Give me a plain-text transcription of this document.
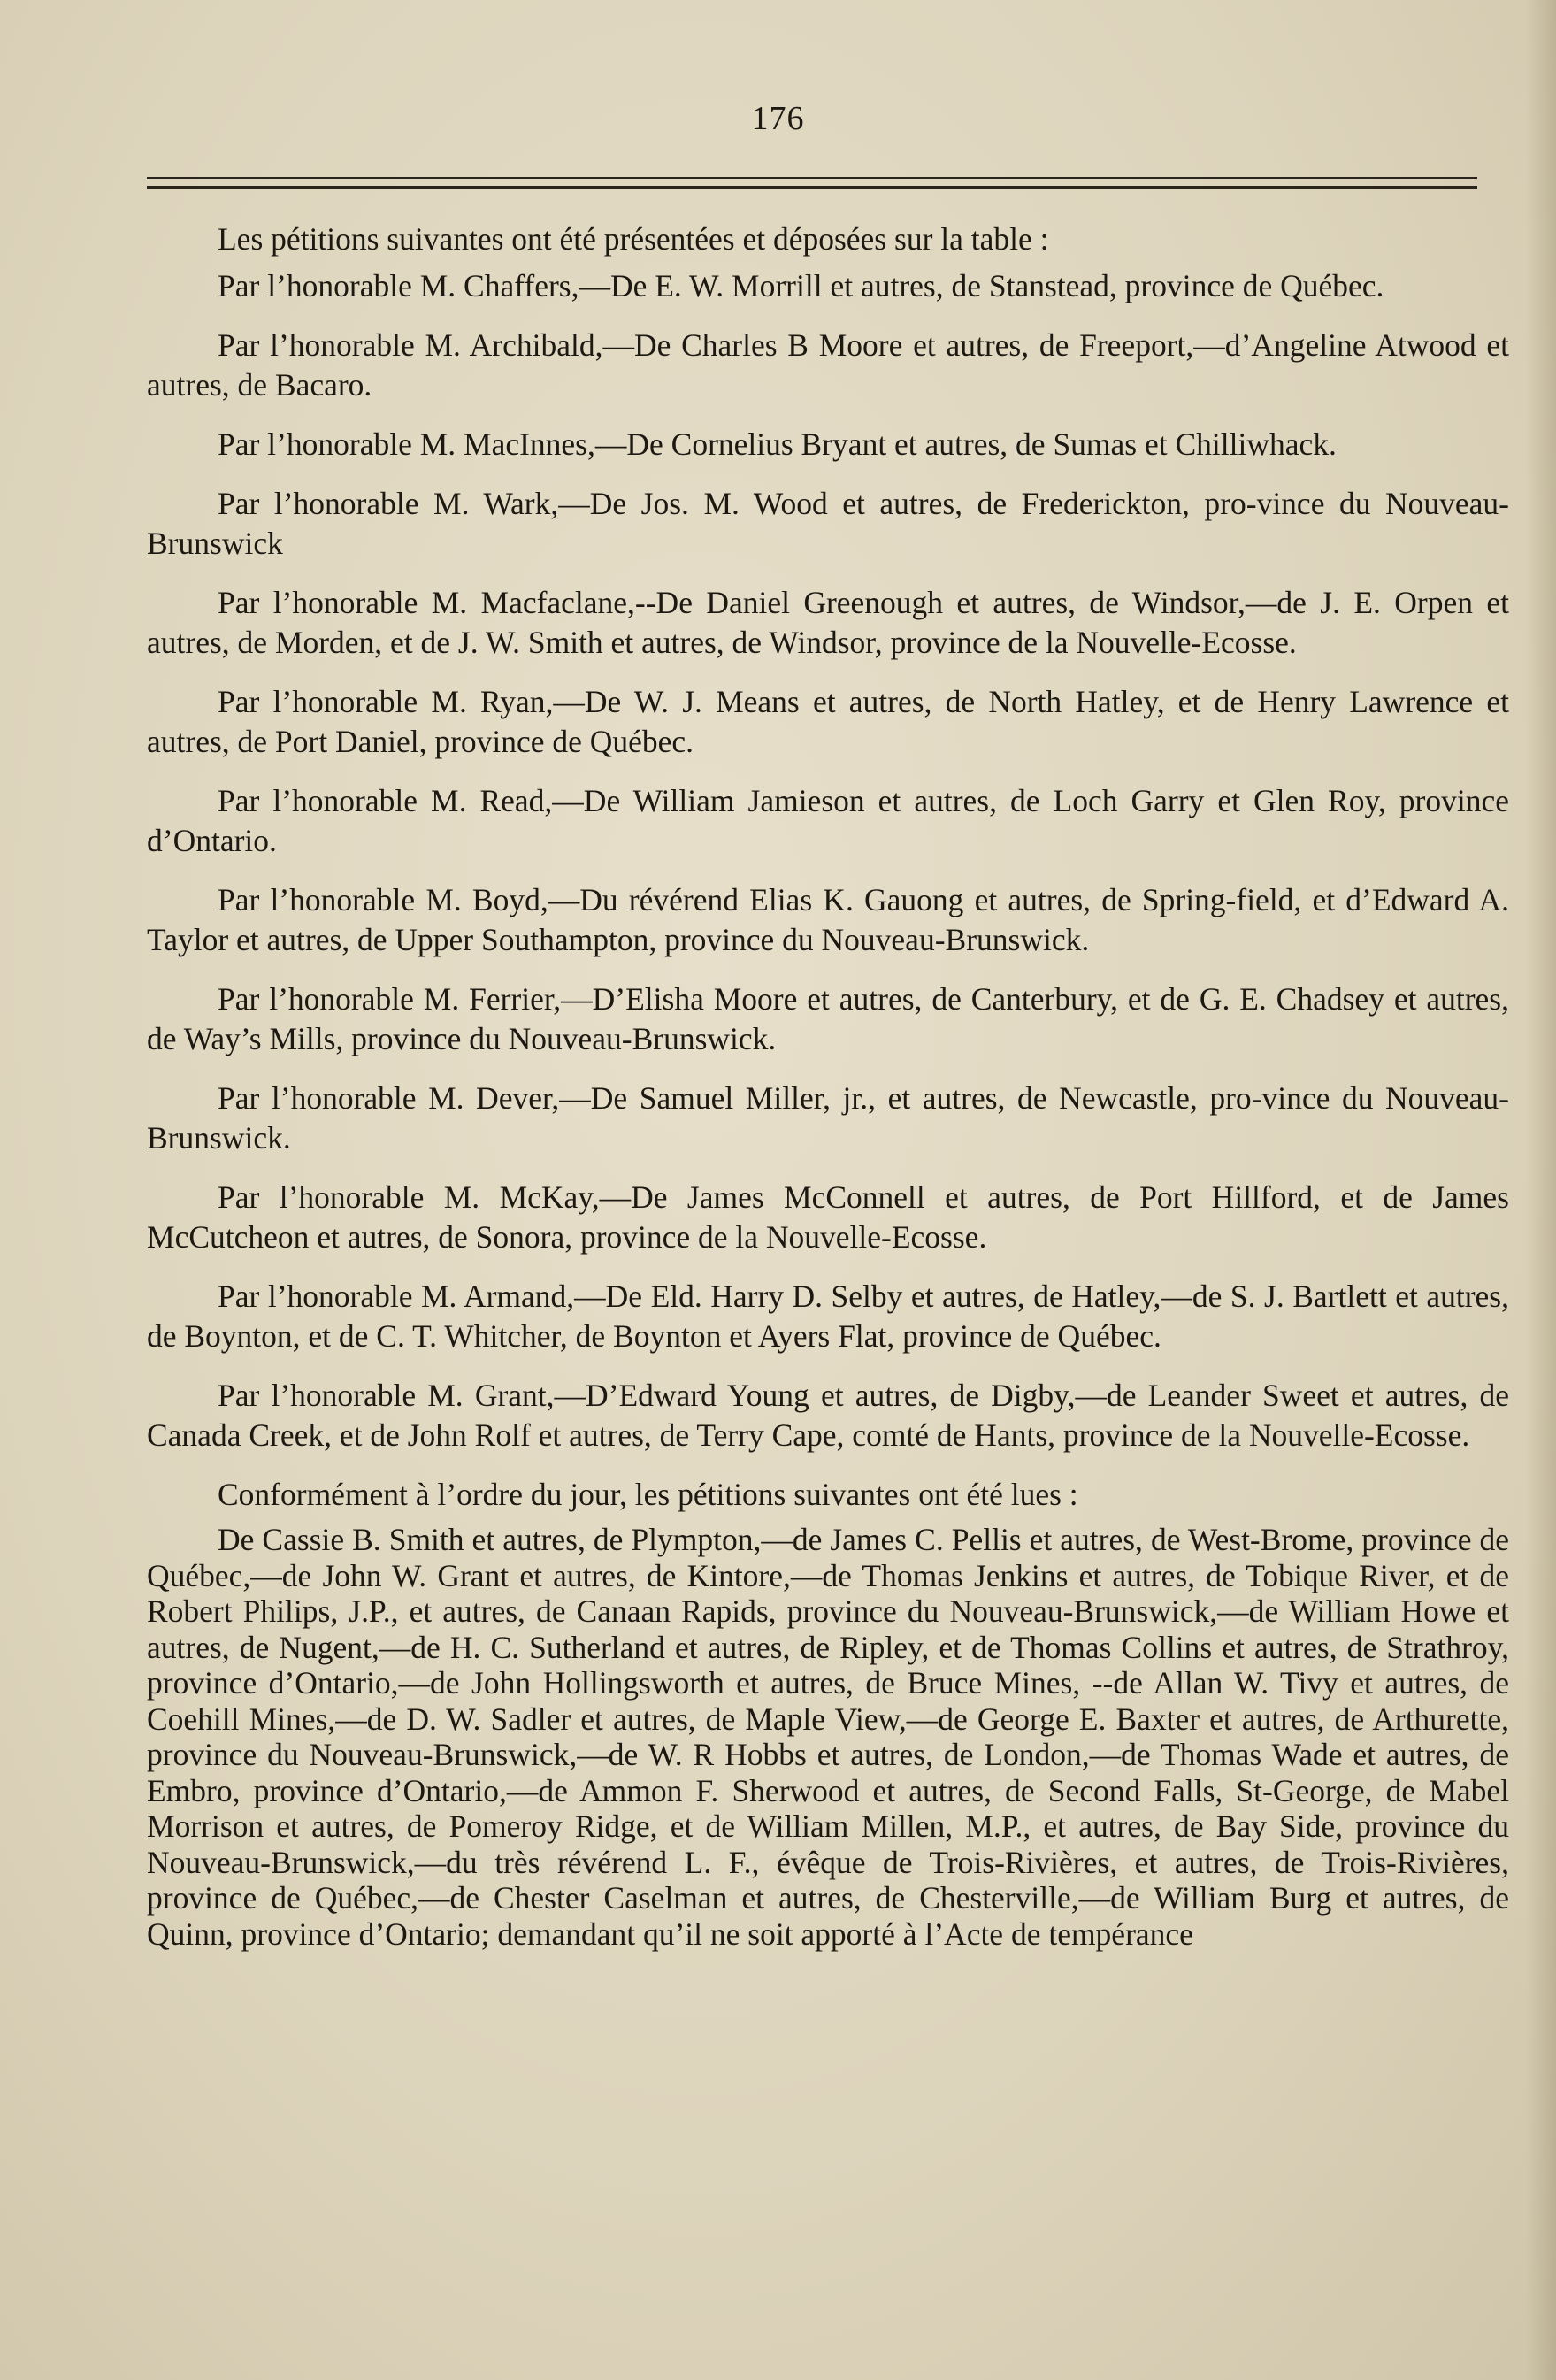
176

Les pétitions suivantes ont été présentées et déposées sur la table :

Par l’honorable M. Chaffers,—De E. W. Morrill et autres, de Stanstead, province de Québec.

Par l’honorable M. Archibald,—De Charles B Moore et autres, de Freeport,—d’Angeline Atwood et autres, de Bacaro.

Par l’honorable M. MacInnes,—De Cornelius Bryant et autres, de Sumas et Chilliwhack.

Par l’honorable M. Wark,—De Jos. M. Wood et autres, de Frederickton, pro-vince du Nouveau-Brunswick

Par l’honorable M. Macfaclane,--De Daniel Greenough et autres, de Windsor,—de J. E. Orpen et autres, de Morden, et de J. W. Smith et autres, de Windsor, province de la Nouvelle-Ecosse.

Par l’honorable M. Ryan,—De W. J. Means et autres, de North Hatley, et de Henry Lawrence et autres, de Port Daniel, province de Québec.

Par l’honorable M. Read,—De William Jamieson et autres, de Loch Garry et Glen Roy, province d’Ontario.

Par l’honorable M. Boyd,—Du révérend Elias K. Gauong et autres, de Spring-field, et d’Edward A. Taylor et autres, de Upper Southampton, province du Nouveau-Brunswick.

Par l’honorable M. Ferrier,—D’Elisha Moore et autres, de Canterbury, et de G. E. Chadsey et autres, de Way’s Mills, province du Nouveau-Brunswick.

Par l’honorable M. Dever,—De Samuel Miller, jr., et autres, de Newcastle, pro-vince du Nouveau-Brunswick.

Par l’honorable M. McKay,—De James McConnell et autres, de Port Hillford, et de James McCutcheon et autres, de Sonora, province de la Nouvelle-Ecosse.

Par l’honorable M. Armand,—De Eld. Harry D. Selby et autres, de Hatley,—de S. J. Bartlett et autres, de Boynton, et de C. T. Whitcher, de Boynton et Ayers Flat, province de Québec.

Par l’honorable M. Grant,—D’Edward Young et autres, de Digby,—de Leander Sweet et autres, de Canada Creek, et de John Rolf et autres, de Terry Cape, comté de Hants, province de la Nouvelle-Ecosse.

Conformément à l’ordre du jour, les pétitions suivantes ont été lues :

De Cassie B. Smith et autres, de Plympton,—de James C. Pellis et autres, de West-Brome, province de Québec,—de John W. Grant et autres, de Kintore,—de Thomas Jenkins et autres, de Tobique River, et de Robert Philips, J.P., et autres, de Canaan Rapids, province du Nouveau-Brunswick,—de William Howe et autres, de Nugent,—de H. C. Sutherland et autres, de Ripley, et de Thomas Collins et autres, de Strathroy, province d’Ontario,—de John Hollingsworth et autres, de Bruce Mines, --de Allan W. Tivy et autres, de Coehill Mines,—de D. W. Sadler et autres, de Maple View,—de George E. Baxter et autres, de Arthurette, province du Nouveau-Brunswick,—de W. R Hobbs et autres, de London,—de Thomas Wade et autres, de Embro, province d’Ontario,—de Ammon F. Sherwood et autres, de Second Falls, St-George, de Mabel Morrison et autres, de Pomeroy Ridge, et de William Millen, M.P., et autres, de Bay Side, province du Nouveau-Brunswick,—du très révérend L. F., évêque de Trois-Rivières, et autres, de Trois-Rivières, province de Québec,—de Chester Caselman et autres, de Chesterville,—de William Burg et autres, de Quinn, province d’Ontario; demandant qu’il ne soit apporté à l’Acte de tempérance
